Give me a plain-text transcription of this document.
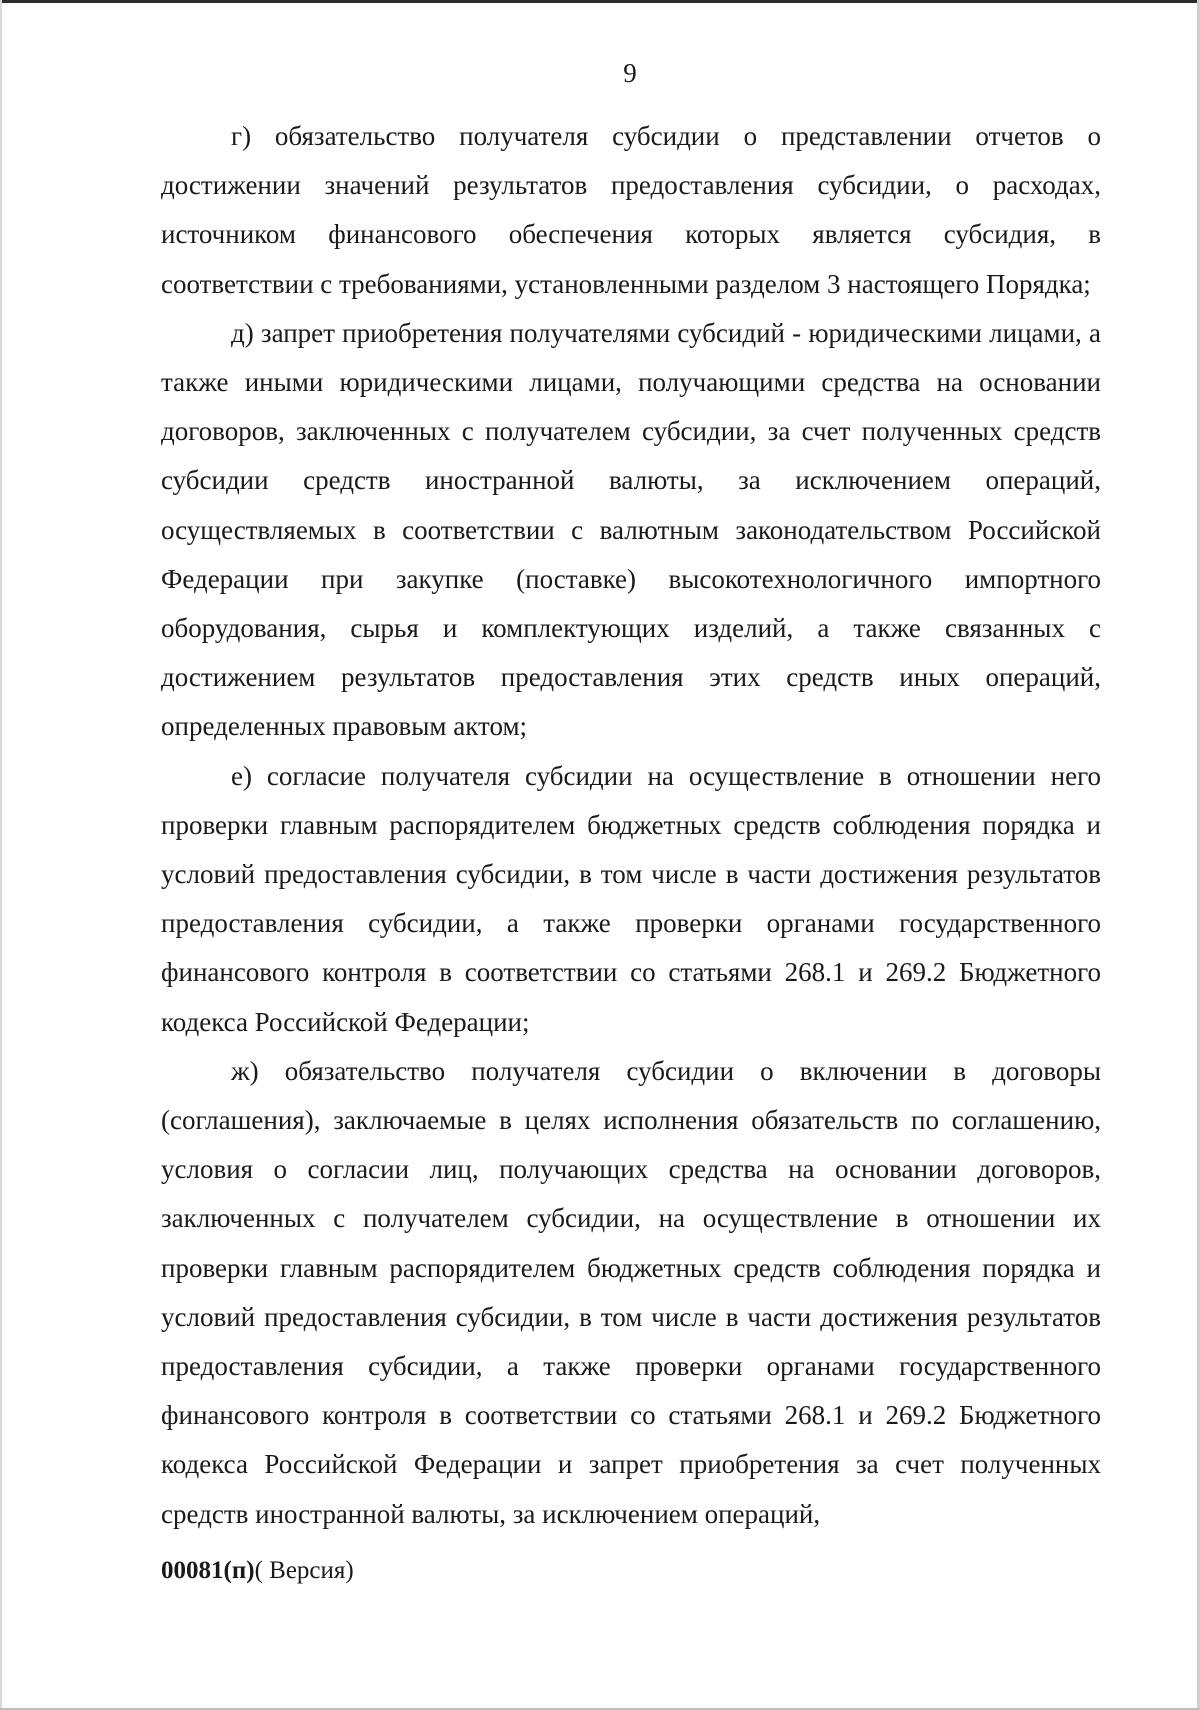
9

г) обязательство получателя субсидии о представлении отчетов о достижении значений результатов предоставления субсидии, о расходах, источником финансового обеспечения которых является субсидия, в соответствии с требованиями, установленными разделом 3 настоящего Порядка;

д) запрет приобретения получателями субсидий - юридическими лицами, а также иными юридическими лицами, получающими средства на основании договоров, заключенных с получателем субсидии, за счет полученных средств субсидии средств иностранной валюты, за исключением операций, осуществляемых в соответствии с валютным законодательством Российской Федерации при закупке (поставке) высокотехнологичного импортного оборудования, сырья и комплектующих изделий, а также связанных с достижением результатов предоставления этих средств иных операций, определенных правовым актом;

е) согласие получателя субсидии на осуществление в отношении него проверки главным распорядителем бюджетных средств соблюдения порядка и условий предоставления субсидии, в том числе в части достижения результатов предоставления субсидии, а также проверки органами государственного финансового контроля в соответствии со статьями 268.1 и 269.2 Бюджетного кодекса Российской Федерации;

ж) обязательство получателя субсидии о включении в договоры (соглашения), заключаемые в целях исполнения обязательств по соглашению, условия о согласии лиц, получающих средства на основании договоров, заключенных с получателем субсидии, на осуществление в отношении их проверки главным распорядителем бюджетных средств соблюдения порядка и условий предоставления субсидии, в том числе в части достижения результатов предоставления субсидии, а также проверки органами государственного финансового контроля в соответствии со статьями 268.1 и 269.2 Бюджетного кодекса Российской Федерации и запрет приобретения за счет полученных средств иностранной валюты, за исключением операций,

00081(п)( Версия)
